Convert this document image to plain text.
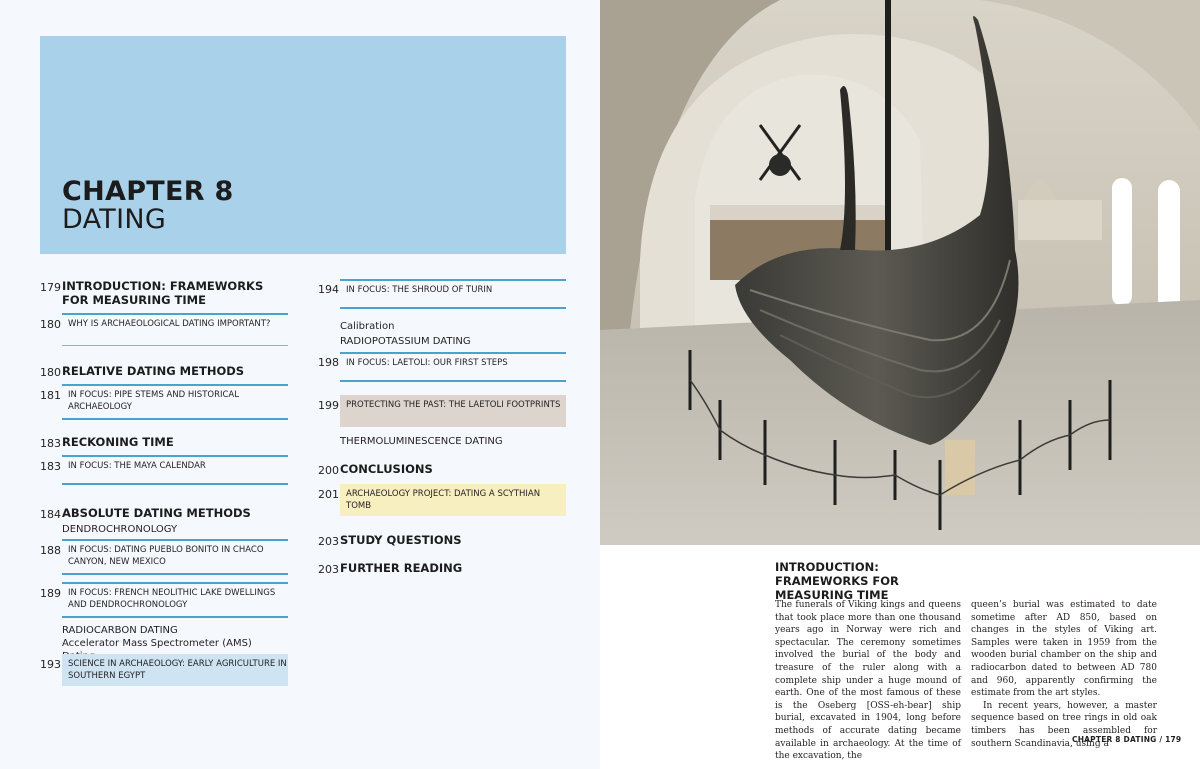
CHAPTER 8
DATING
179 INTRODUCTION: FRAMEWORKS FOR MEASURING TIME
180 WHY IS ARCHAEOLOGICAL DATING IMPORTANT?
180 RELATIVE DATING METHODS
181 IN FOCUS: PIPE STEMS AND HISTORICAL ARCHAEOLOGY
183 RECKONING TIME
183 IN FOCUS: THE MAYA CALENDAR
184 ABSOLUTE DATING METHODS
DENDROCHRONOLOGY
188 IN FOCUS: DATING PUEBLO BONITO IN CHACO CANYON, NEW MEXICO
189 IN FOCUS: FRENCH NEOLITHIC LAKE DWELLINGS AND DENDROCHRONOLOGY
RADIOCARBON DATING
Accelerator Mass Spectrometer (AMS)
193 SCIENCE IN ARCHAEOLOGY: EARLY AGRICULTURE IN SOUTHERN EGYPT
194 IN FOCUS: THE SHROUD OF TURIN
Calibration
RADIOPOTASSIUM DATING
198 IN FOCUS: LAETOLI: OUR FIRST STEPS
199 PROTECTING THE PAST: THE LAETOLI FOOTPRINTS
THERMOLUMINESCENCE DATING
200 CONCLUSIONS
201 ARCHAEOLOGY PROJECT: DATING A SCYTHIAN TOMB
203 STUDY QUESTIONS
203 FURTHER READING	INTRODUCTION: FRAMEWORKS FOR MEASURING TIME
The funerals of Viking kings and queens that took place more than one thousand years ago in Norway were rich and spectacular. The ceremony sometimes involved the burial of the body and treasure of the ruler along with a complete ship under a huge mound of earth. One of the most famous of these is the Oseberg [OSS-eh-bear] ship burial, excavated in 1904, long before methods of accurate dating became available in archaeology. At the time of the excavation, the
queen’s burial was estimated to date sometime after AD 850, based on changes in the styles of Viking art. Samples were taken in 1959 from the wooden burial chamber on the ship and radiocarbon dated to between AD 780 and 960, apparently confirming the estimate from the art styles.
In recent years, however, a master sequence based on tree rings in old oak timbers has been assembled for southern Scandinavia, using a
CHAPTER 8 DATING / 179
